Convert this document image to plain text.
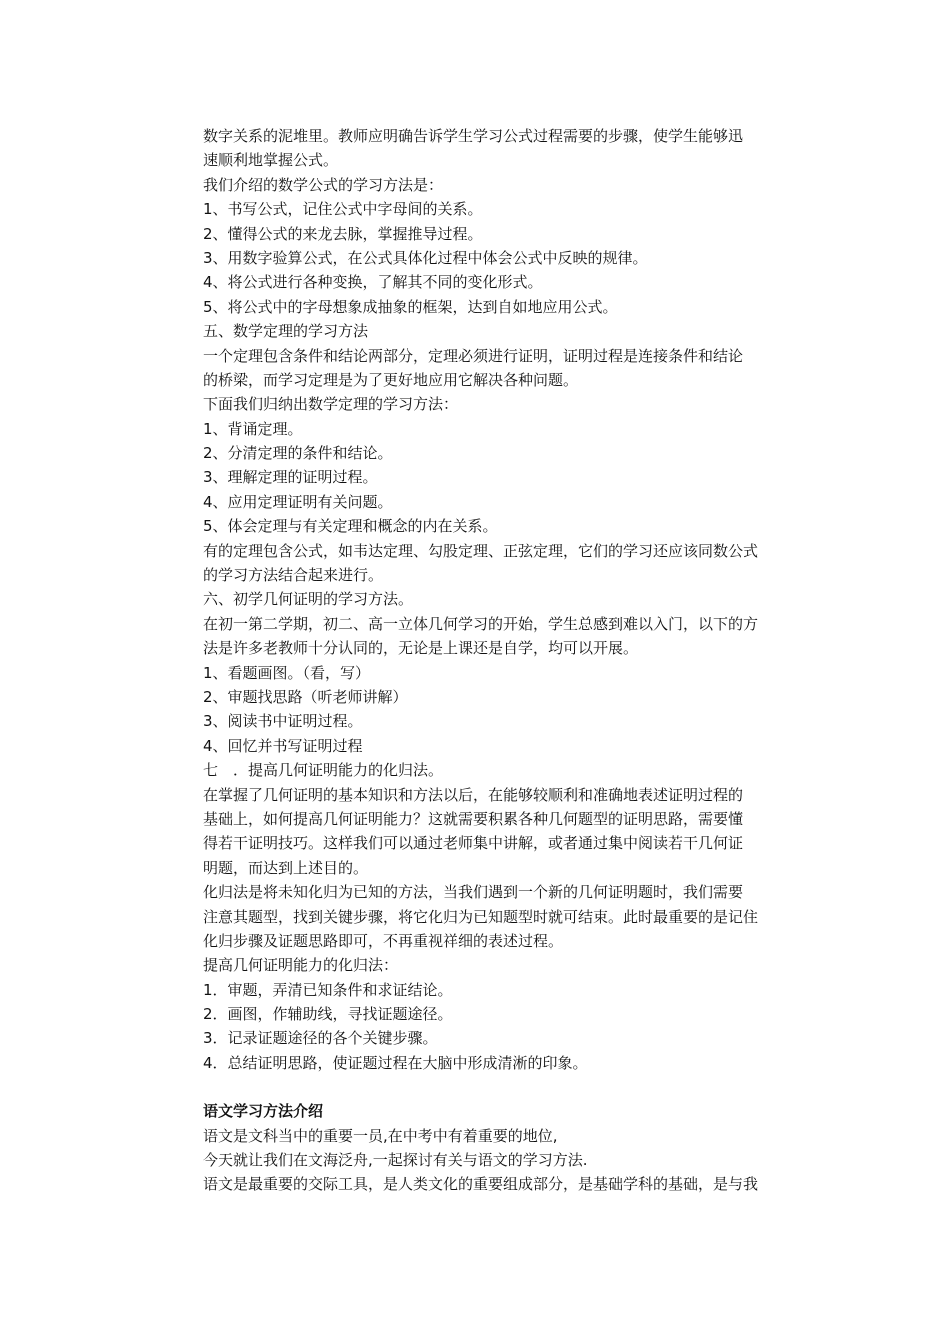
数字关系的泥堆里。教师应明确告诉学生学习公式过程需要的步骤，使学生能够迅
速顺利地掌握公式。
我们介绍的数学公式的学习方法是：
1、书写公式，记住公式中字母间的关系。
2、懂得公式的来龙去脉，掌握推导过程。
3、用数字验算公式，在公式具体化过程中体会公式中反映的规律。
4、将公式进行各种变换，了解其不同的变化形式。
5、将公式中的字母想象成抽象的框架，达到自如地应用公式。
五、数学定理的学习方法
一个定理包含条件和结论两部分，定理必须进行证明，证明过程是连接条件和结论
的桥梁，而学习定理是为了更好地应用它解决各种问题。
下面我们归纳出数学定理的学习方法：
1、背诵定理。
2、分清定理的条件和结论。
3、理解定理的证明过程。
4、应用定理证明有关问题。
5、体会定理与有关定理和概念的内在关系。
有的定理包含公式，如韦达定理、勾股定理、正弦定理，它们的学习还应该同数公式
的学习方法结合起来进行。
六、初学几何证明的学习方法。
在初一第二学期，初二、高一立体几何学习的开始，学生总感到难以入门，以下的方
法是许多老教师十分认同的，无论是上课还是自学，均可以开展。
1、看题画图。（看，写）
2、审题找思路（听老师讲解）
3、阅读书中证明过程。
4、回忆并书写证明过程
七　．提高几何证明能力的化归法。
在掌握了几何证明的基本知识和方法以后，在能够较顺利和准确地表述证明过程的
基础上，如何提高几何证明能力？这就需要积累各种几何题型的证明思路，需要懂
得若干证明技巧。这样我们可以通过老师集中讲解，或者通过集中阅读若干几何证
明题，而达到上述目的。
化归法是将未知化归为已知的方法，当我们遇到一个新的几何证明题时，我们需要
注意其题型，找到关键步骤，将它化归为已知题型时就可结束。此时最重要的是记住
化归步骤及证题思路即可，不再重视祥细的表述过程。
提高几何证明能力的化归法：
1．审题，弄清已知条件和求证结论。
2．画图，作辅助线，寻找证题途径。
3．记录证题途径的各个关键步骤。
4．总结证明思路，使证题过程在大脑中形成清淅的印象。
语文学习方法介绍
语文是文科当中的重要一员,在中考中有着重要的地位,
今天就让我们在文海泛舟,一起探讨有关与语文的学习方法.
语文是最重要的交际工具，是人类文化的重要组成部分，是基础学科的基础，是与我
